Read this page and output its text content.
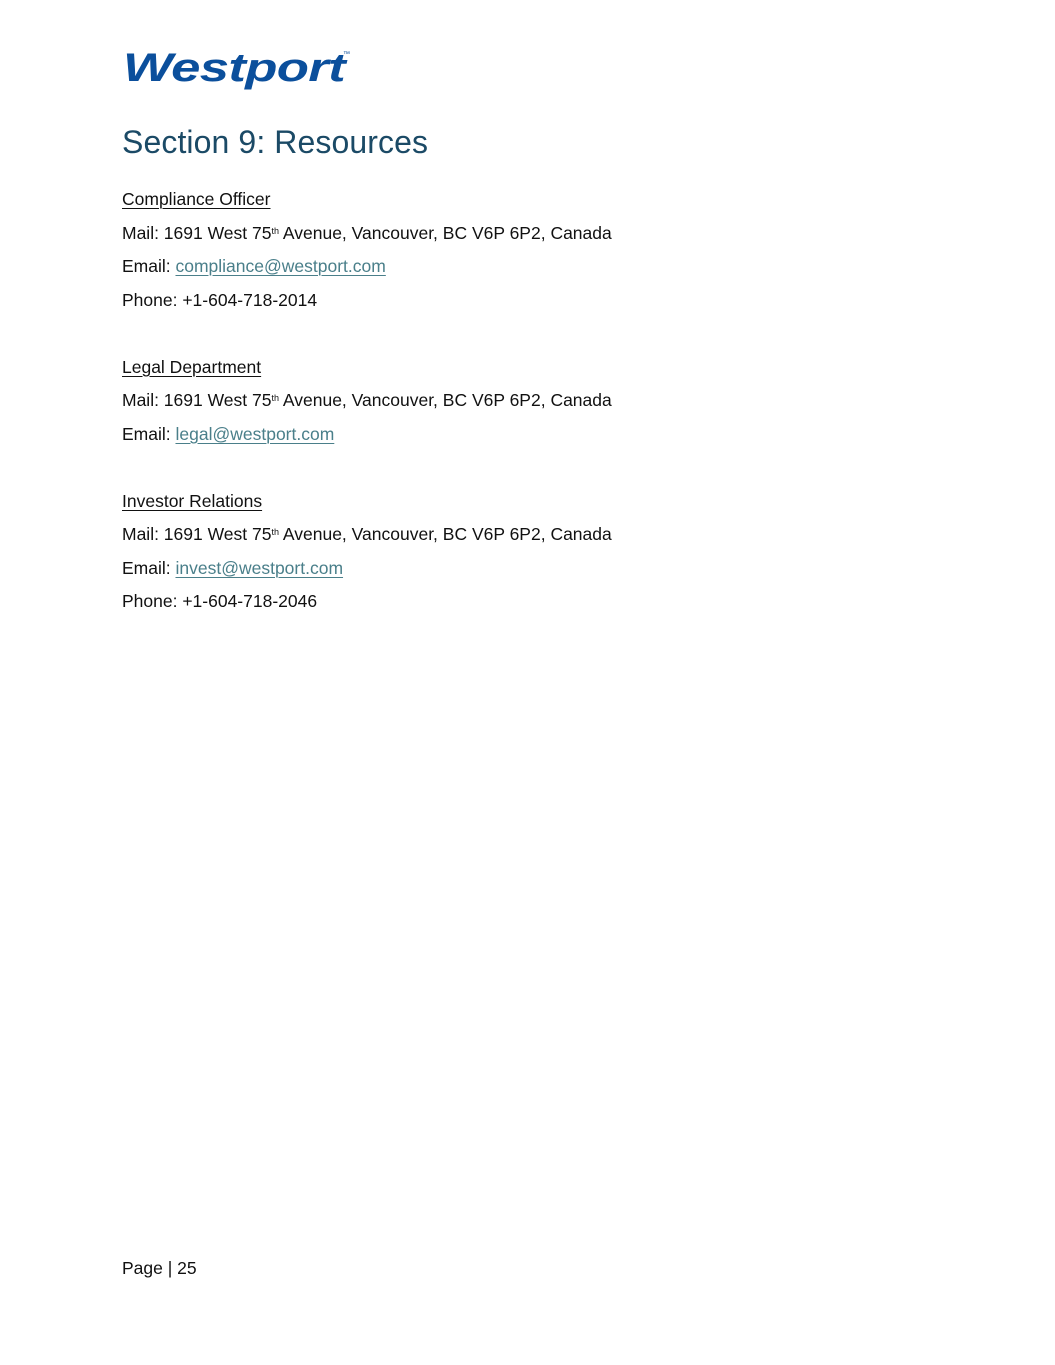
Westport
™
Section 9: Resources
Compliance Officer
Mail: 1691 West 75th Avenue, Vancouver, BC V6P 6P2, Canada
Email: compliance@westport.com
Phone: +1-604-718-2014
Legal Department
Mail: 1691 West 75th Avenue, Vancouver, BC V6P 6P2, Canada
Email: legal@westport.com
Investor Relations
Mail: 1691 West 75th Avenue, Vancouver, BC V6P 6P2, Canada
Email: invest@westport.com
Phone: +1-604-718-2046
Page | 25
